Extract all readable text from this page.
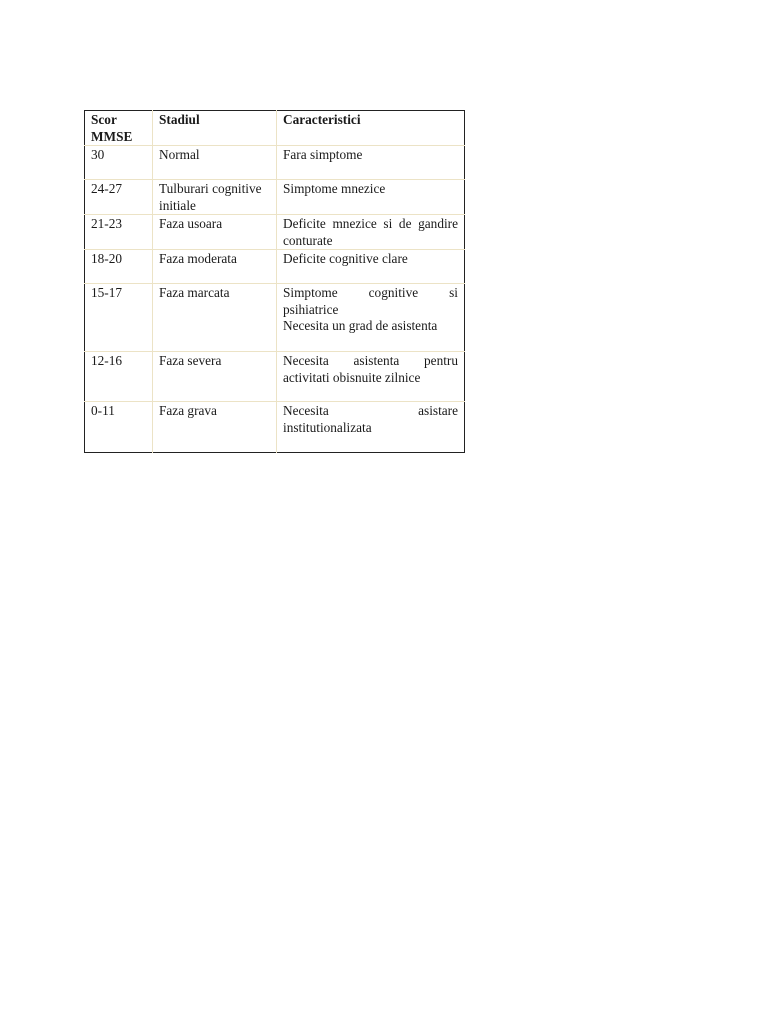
Scor
MMSE	Stadiul	Caracteristici
30	Normal	Fara simptome

24-27	Tulburari cognitive initiale	Simptome mnezice

21-23	Faza usoara	Deficite mnezice si de gandire conturate

18-20	Faza moderata	Deficite cognitive clare

15-17	Faza marcata	Simptome cognitive si psihiatrice
Necesita un grad de asistenta

12-16	Faza severa	Necesita asistenta pentru activitati obisnuite zilnice

0-11	Faza grava	Necesita asistare institutionalizata
